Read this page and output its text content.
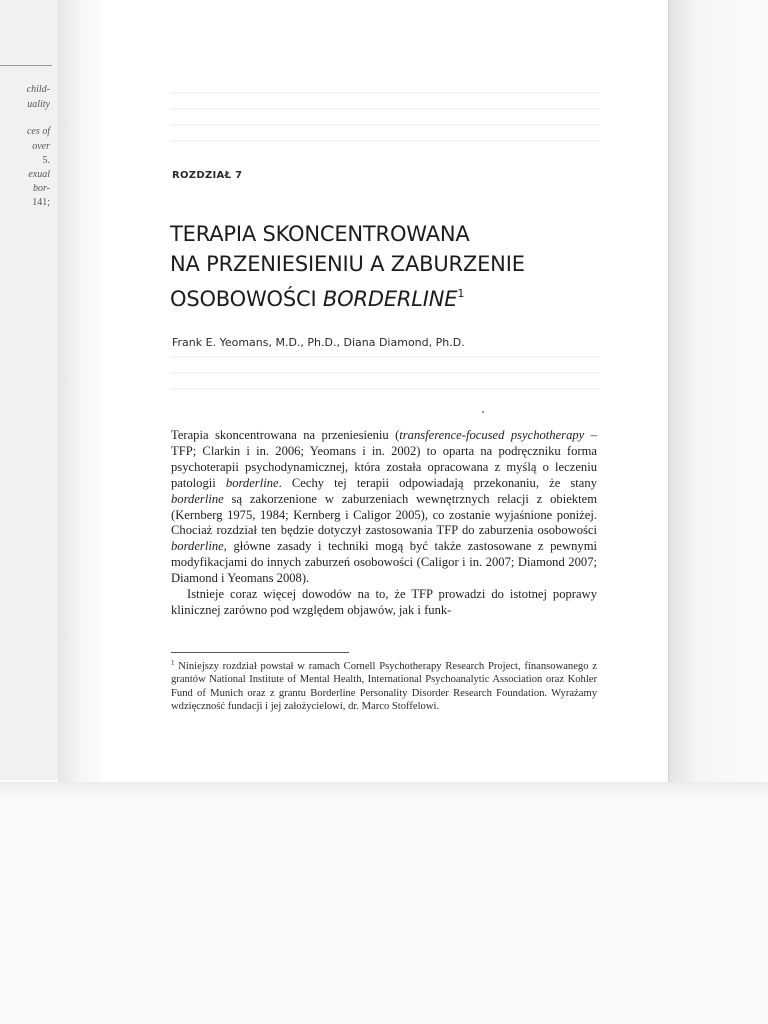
child-
uality
ces of
over
5.
exual
bor-
141;
ROZDZIAŁ 7
TERAPIA SKONCENTROWANA
NA PRZENIESIENIU A ZABURZENIE
OSOBOWOŚCI BORDERLINE$^1$
Frank E. Yeomans, M.D., Ph.D., Diana Diamond, Ph.D.

Terapia skoncentrowana na przeniesieniu (transference-focused psychotherapy – TFP; Clarkin i in. 2006; Yeomans i in. 2002) to oparta na podręczniku forma psychoterapii psychodynamicznej, która została opracowana z myślą o leczeniu patologii borderline. Cechy tej terapii odpowiadają przekonaniu, że stany borderline są zakorzenione w zaburzeniach wewnętrznych relacji z obiektem (Kernberg 1975, 1984; Kernberg i Caligor 2005), co zostanie wyjaśnione poniżej. Chociaż rozdział ten będzie dotyczył zastosowania TFP do zaburzenia osobowości borderline, główne zasady i techniki mogą być także zastosowane z pewnymi modyfikacjami do innych zaburzeń osobowości (Caligor i in. 2007; Diamond 2007; Diamond i Yeomans 2008).

Istnieje coraz więcej dowodów na to, że TFP prowadzi do istotnej poprawy klinicznej zarówno pod względem objawów, jak i funk-

$^1$ Niniejszy rozdział powstał w ramach Cornell Psychotherapy Research Project, finansowanego z grantów National Institute of Mental Health, International Psychoanalytic Association oraz Kohler Fund of Munich oraz z grantu Borderline Personality Disorder Research Foundation. Wyrażamy wdzięczność fundacji i jej założycielowi, dr. Marco Stoffelowi.
